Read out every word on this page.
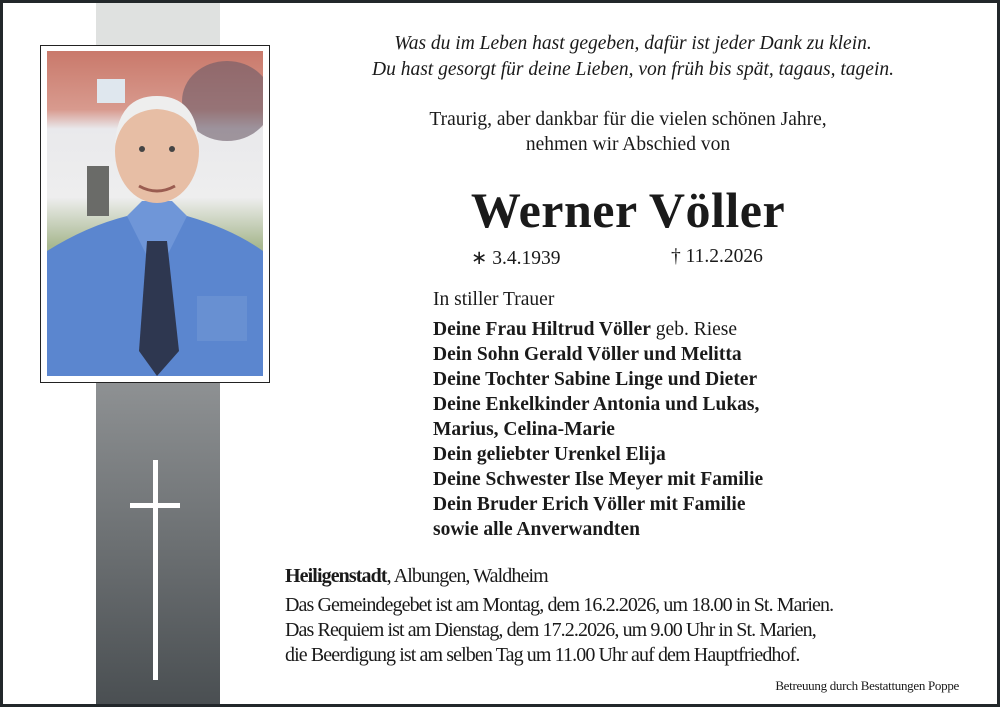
Was du im Leben hast gegeben, dafür ist jeder Dank zu klein.
Du hast gesorgt für deine Lieben, von früh bis spät, tagaus, tagein.
Traurig, aber dankbar für die vielen schönen Jahre,
nehmen wir Abschied von
Werner Völler
∗ 3.4.1939	† 11.2.2026
In stiller Trauer
Deine Frau Hiltrud Völler geb. Riese
Dein Sohn Gerald Völler und Melitta
Deine Tochter Sabine Linge und Dieter
Deine Enkelkinder Antonia und Lukas,
Marius, Celina-Marie
Dein geliebter Urenkel Elija
Deine Schwester Ilse Meyer mit Familie
Dein Bruder Erich Völler mit Familie
sowie alle Anverwandten
Heiligenstadt, Albungen, Waldheim
Das Gemeindegebet ist am Montag, dem 16.2.2026, um 18.00 in St. Marien.
Das Requiem ist am Dienstag, dem 17.2.2026, um 9.00 Uhr in St. Marien,
die Beerdigung ist am selben Tag um 11.00 Uhr auf dem Hauptfriedhof.
Betreuung durch Bestattungen Poppe
